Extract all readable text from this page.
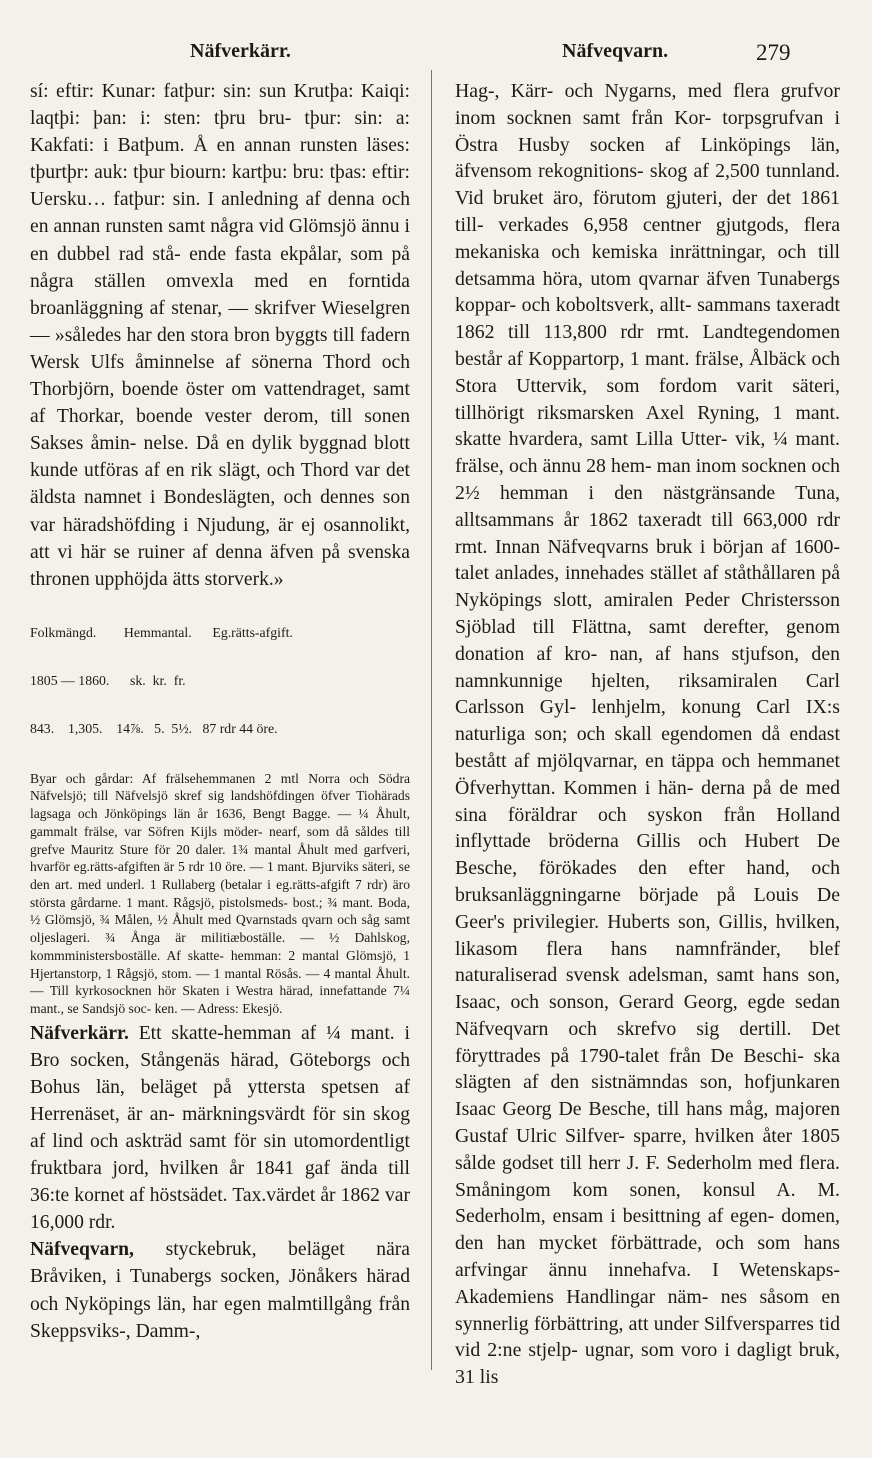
Näfverkärr.	Näfveqvarn.	279

sí: eftir: Kunar: fatþur: sin: sun Krutþa: Kaiqi: laqtþi: þan: i: sten: tþru bru- tþur: sin: a: Kakfati: i Batþum. Å en annan runsten läses: tþurtþr: auk: tþur biourn: kartþu: bru: tþas: eftir: Uersku… fatþur: sin. I anledning af denna och en annan runsten samt några vid Glömsjö ännu i en dubbel rad stå- ende fasta ekpålar, som på några ställen omvexla med en forntida broanläggning af stenar, — skrifver Wieselgren — »således har den stora bron byggts till fadern Wersk Ulfs åminnelse af sönerna Thord och Thorbjörn, boende öster om vattendraget, samt af Thorkar, boende vester derom, till sonen Sakses åmin- nelse. Då en dylik byggnad blott kunde utföras af en rik slägt, och Thord var det äldsta namnet i Bondeslägten, och dennes son var häradshöfding i Njudung, är ej osannolikt, att vi här se ruiner af denna äfven på svenska thronen upphöjda ätts storverk.»

Folkmängd.        Hemmantal.      Eg.rätts-afgift.

1805 — 1860.      sk.  kr.  fr.

843.    1,305.    14⅞.   5.  5½.   87 rdr 44 öre.

Byar och gårdar: Af frälsehemmanen 2 mtl Norra och Södra Näfvelsjö; till Näfvelsjö skref sig landshöfdingen öfver Tiohärads lagsaga och Jönköpings län år 1636, Bengt Bagge. — ¼ Åhult, gammalt frälse, var Söfren Kijls möder- nearf, som då såldes till grefve Mauritz Sture för 20 daler. 1¾ mantal Åhult med garfveri, hvarför eg.rätts-afgiften är 5 rdr 10 öre. — 1 mant. Bjurviks säteri, se den art. med underl. 1 Rullaberg (betalar i eg.rätts-afgift 7 rdr) äro största gårdarne. 1 mant. Rågsjö, pistolsmeds- bost.; ¾ mant. Boda, ½ Glömsjö, ¾ Målen, ½ Åhult med Qvarnstads qvarn och såg samt oljeslageri. ¾ Ånga är militiæboställe. — ½ Dahlskog, kommministersboställe. Af skatte- hemman: 2 mantal Glömsjö, 1 Hjertanstorp, 1 Rågsjö, stom. — 1 mantal Rösås. — 4 mantal Åhult. — Till kyrkosocknen hör Skaten i Westra härad, innefattande 7¼ mant., se Sandsjö soc- ken. — Adress: Ekesjö.

Näfverkärr. Ett skatte-hemman af ¼ mant. i Bro socken, Stångenäs härad, Göteborgs och Bohus län, beläget på yttersta spetsen af Herrenäset, är an- märkningsvärdt för sin skog af lind och askträd samt för sin utomordentligt fruktbara jord, hvilken år 1841 gaf ända till 36:te kornet af höstsädet. Tax.värdet år 1862 var 16,000 rdr.

Näfveqvarn, styckebruk, beläget nära Bråviken, i Tunabergs socken, Jönåkers härad och Nyköpings län, har egen malmtillgång från Skeppsviks-, Damm-,

Hag-, Kärr- och Nygarns, med flera grufvor inom socknen samt från Kor- torpsgrufvan i Östra Husby socken af Linköpings län, äfvensom rekognitions- skog af 2,500 tunnland. Vid bruket äro, förutom gjuteri, der det 1861 till- verkades 6,958 centner gjutgods, flera mekaniska och kemiska inrättningar, och till detsamma höra, utom qvarnar äfven Tunabergs koppar- och koboltsverk, allt- sammans taxeradt 1862 till 113,800 rdr rmt. Landtegendomen består af Koppartorp, 1 mant. frälse, Ålbäck och Stora Uttervik, som fordom varit säteri, tillhörigt riksmarsken Axel Ryning, 1 mant. skatte hvardera, samt Lilla Utter- vik, ¼ mant. frälse, och ännu 28 hem- man inom socknen och 2½ hemman i den nästgränsande Tuna, alltsammans år 1862 taxeradt till 663,000 rdr rmt. Innan Näfveqvarns bruk i början af 1600-talet anlades, innehades stället af ståthållaren på Nyköpings slott, amiralen Peder Christersson Sjöblad till Flättna, samt derefter, genom donation af kro- nan, af hans stjufson, den namnkunnige hjelten, riksamiralen Carl Carlsson Gyl- lenhjelm, konung Carl IX:s naturliga son; och skall egendomen då endast bestått af mjölqvarnar, en täppa och hemmanet Öfverhyttan. Kommen i hän- derna på de med sina föräldrar och syskon från Holland inflyttade bröderna Gillis och Hubert De Besche, förökades den efter hand, och bruksanläggningarne började på Louis De Geer's privilegier. Huberts son, Gillis, hvilken, likasom flera hans namnfränder, blef naturaliserad svensk adelsman, samt hans son, Isaac, och sonson, Gerard Georg, egde sedan Näfveqvarn och skrefvo sig dertill. Det föryttrades på 1790-talet från De Beschi- ska slägten af den sistnämndas son, hofjunkaren Isaac Georg De Besche, till hans måg, majoren Gustaf Ulric Silfver- sparre, hvilken åter 1805 sålde godset till herr J. F. Sederholm med flera. Småningom kom sonen, konsul A. M. Sederholm, ensam i besittning af egen- domen, den han mycket förbättrade, och som hans arfvingar ännu innehafva. I Wetenskaps-Akademiens Handlingar näm- nes såsom en synnerlig förbättring, att under Silfversparres tid vid 2:ne stjelp- ugnar, som voro i dagligt bruk, 31 lis
